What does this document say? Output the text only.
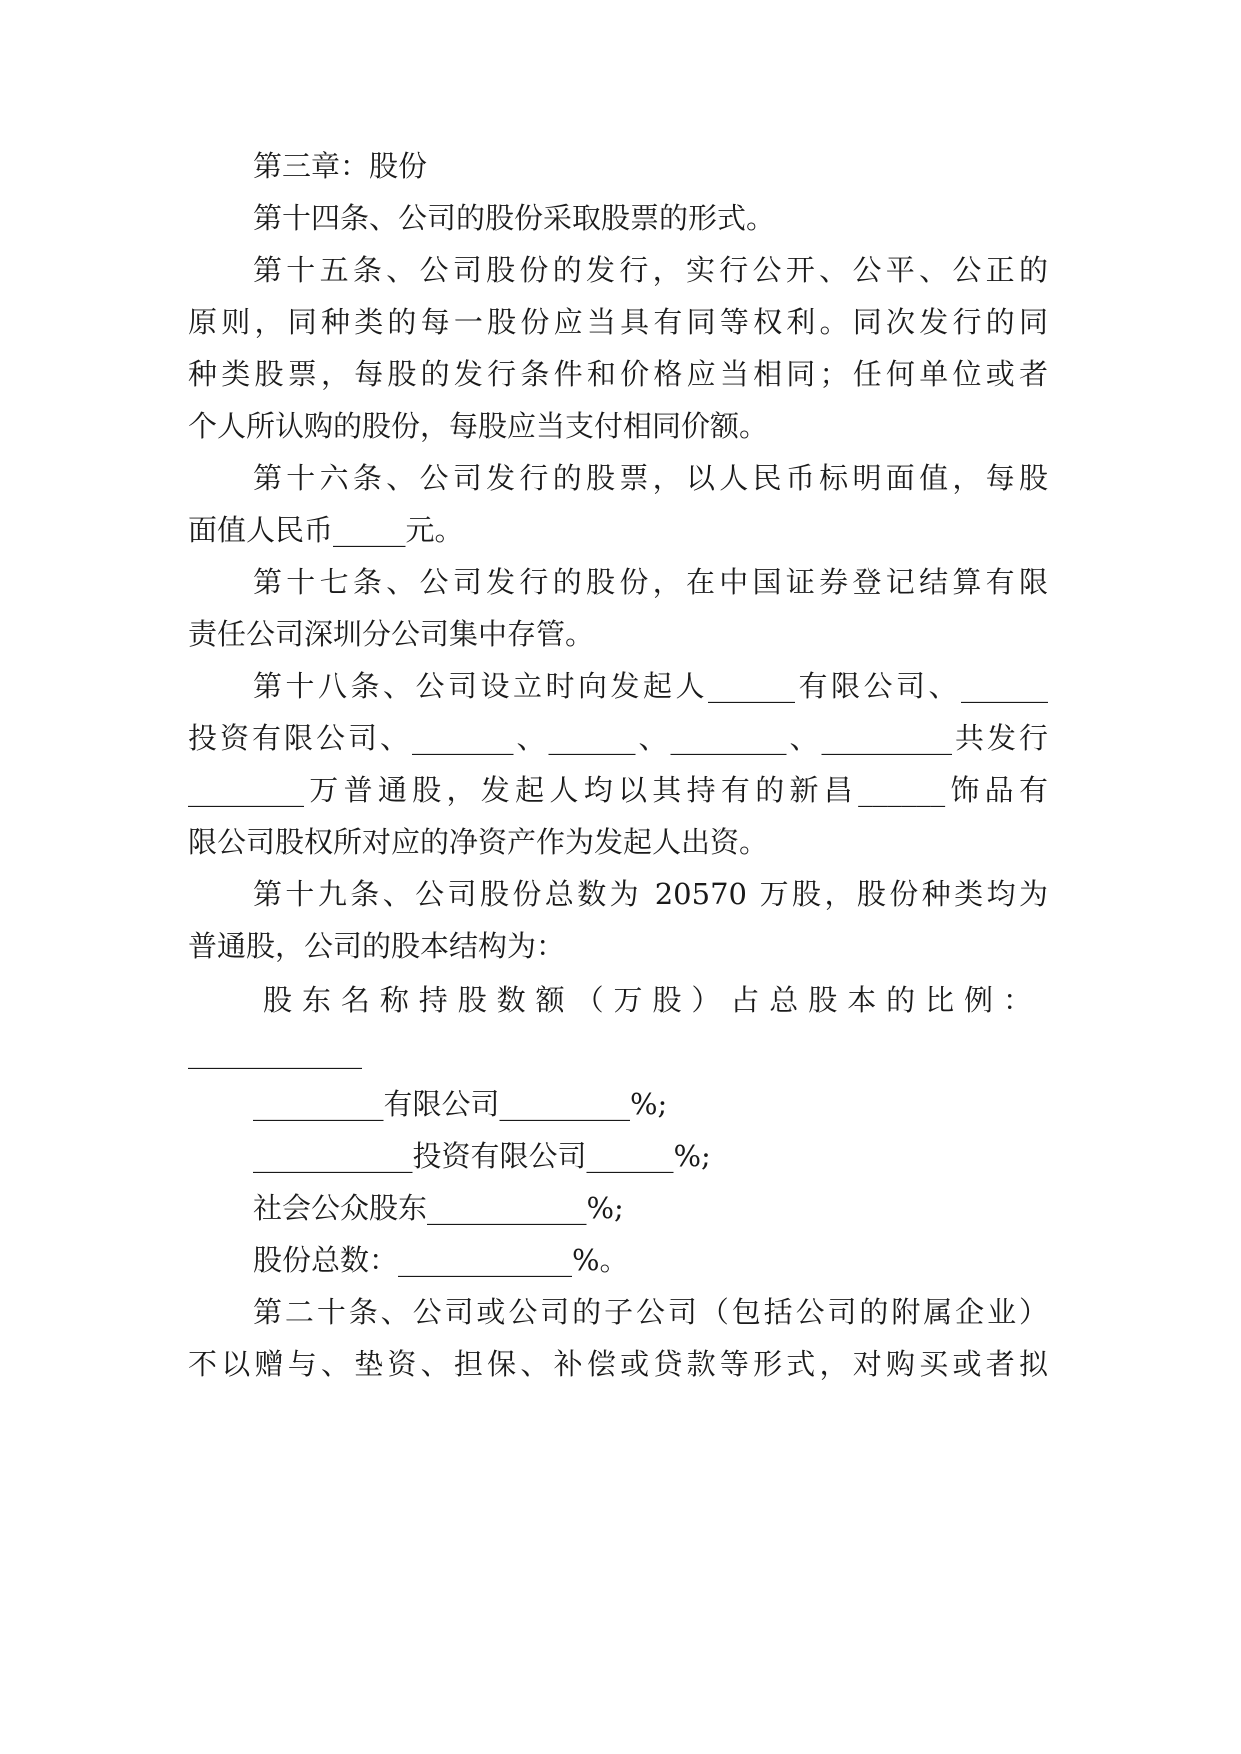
第三章：股份
第十四条、公司的股份采取股票的形式。
第十五条、公司股份的发行，实行公开、公平、公正的
原则，同种类的每一股份应当具有同等权利。同次发行的同
种类股票，每股的发行条件和价格应当相同；任何单位或者
个人所认购的股份，每股应当支付相同价额。
第十六条、公司发行的股票，以人民币标明面值，每股
面值人民币_____元。
第十七条、公司发行的股份，在中国证券登记结算有限
责任公司深圳分公司集中存管。
第十八条、公司设立时向发起人______有限公司、______
投资有限公司、_______、______、________、_________共发行
________万普通股，发起人均以其持有的新昌______饰品有
限公司股权所对应的净资产作为发起人出资。
第十九条、公司股份总数为 20570 万股，股份种类均为
普通股，公司的股本结构为：
股东名称持股数额（万股）占总股本的比例：
____________
_________有限公司_________%;
___________投资有限公司______%;
社会公众股东___________%;
股份总数：____________%。
第二十条、公司或公司的子公司（包括公司的附属企业）
不以赠与、垫资、担保、补偿或贷款等形式，对购买或者拟
